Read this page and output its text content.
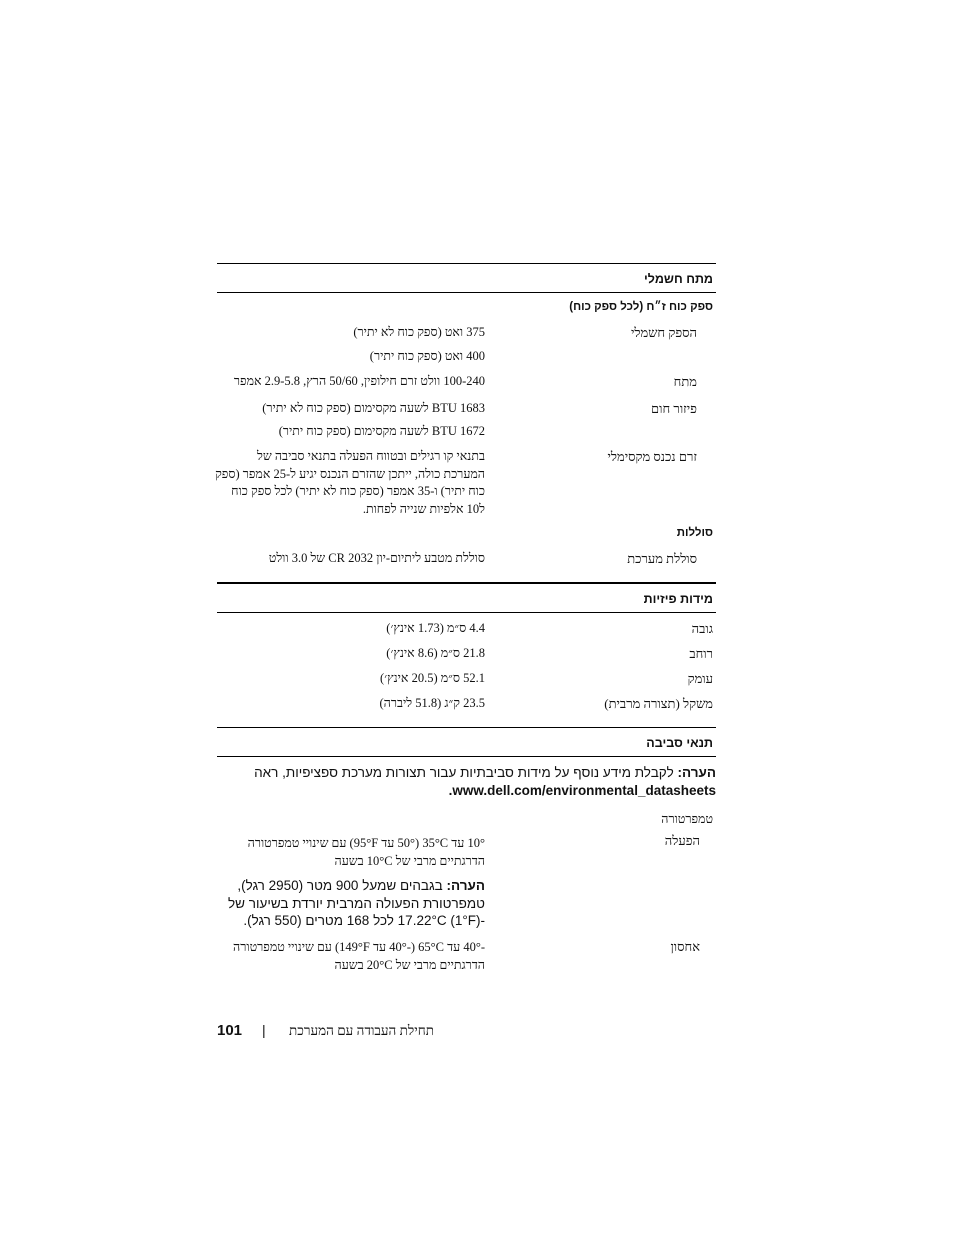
מתח חשמלי
ספק כוח ז״ח (לכל ספק כוח)
הספק חשמלי
375 ואט (ספק כוח לא יתיר)
400 ואט (ספק כוח יתיר)
מתח
100-240 וולט זרם חילופין, 50/60 הרץ, 2.9-5.8 אמפר
פיזור חום
1683 BTU לשעה מקסימום (ספק כוח לא יתיר)
1672 BTU לשעה מקסימום (ספק כוח יתיר)
זרם נכנס מקסימלי
בתנאי קו רגילים ובטווח הפעלה בתנאי סביבה של המערכת כולה, ייתכן שהזרם הנכנס יגיע ל-25 אמפר (ספק כוח יתיר) ו-35 אמפר (ספק כוח לא יתיר) לכל ספק כוח ל10 אלפיות שנייה לפחות.
סוללות
סוללת מערכת
סוללת מטבע ליתיום-יון CR 2032 של 3.0 וולט
מידות פיזיות
גובה
4.4 ס״מ (1.73 אינץ׳)
רוחב
21.8 ס״מ (8.6 אינץ׳)
עומק
52.1 ס״מ (20.5 אינץ׳)
משקל (תצורה מרבית)
23.5 ק״ג (51.8 ליברה)
תנאי סביבה
הערה: לקבלת מידע נוסף על מידות סביבתיות עבור תצורות מערכת ספציפיות, ראה
www.dell.com/environmental_datasheets.
טמפרטורה
הפעלה
10° עד 35°C (50° עד 95°F) עם שינויי טמפרטורה הדרגתיים מרבי של 10°C בשעה
הערה: בגבהים שמעל 900 מטר (2950 רגל), טמפרטורת הפעולה המרבית יורדת בשיעור של -17.22°C (1°F) לכל 168 מטרים (550 רגל).
אחסון
-40° עד 65°C (-40° עד 149°F) עם שינויי טמפרטורה הדרגתיים מרבי של 20°C בשעה
101 | תחילת העבודה עם המערכת
